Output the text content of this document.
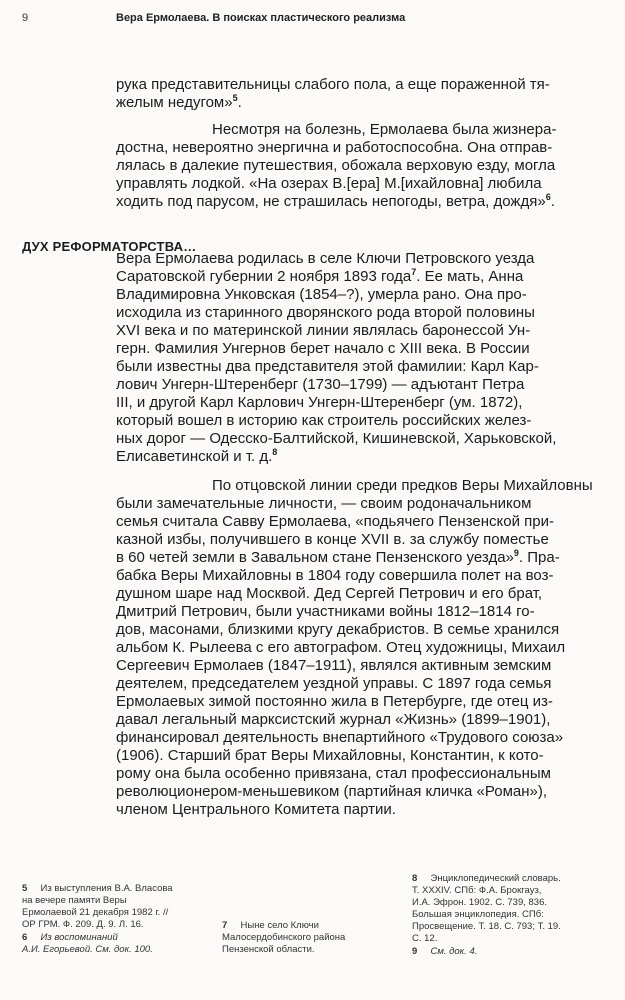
9	Вера Ермолаева. В поисках пластического реализма
рука представительницы слабого пола, а еще пораженной тя-
желым недугом»$^5$.
Несмотря на болезнь, Ермолаева была жизнера-
достна, невероятно энергична и работоспособна. Она отправ-
лялась в далекие путешествия, обожала верховую езду, могла
управлять лодкой. «На озерах В.[ера] М.[ихайловна] любила
ходить под парусом, не страшилась непогоды, ветра, дождя»$^6$.
ДУХ РЕФОРМАТОРСТВА…
Вера Ермолаева родилась в селе Ключи Петровского уезда
Саратовской губернии 2 ноября 1893 года$^7$. Ее мать, Анна
Владимировна Унковская (1854–?), умерла рано. Она про-
исходила из старинного дворянского рода второй половины
XVI века и по материнской линии являлась баронессой Ун-
герн. Фамилия Унгернов берет начало с XIII века. В России
были известны два представителя этой фамилии: Карл Кар-
лович Унгерн-Штеренберг (1730–1799) — адъютант Петра
III, и другой Карл Карлович Унгерн-Штеренберг (ум. 1872),
который вошел в историю как строитель российских желез-
ных дорог — Одесско-Балтийской, Кишиневской, Харьковской,
Елисаветинской и т. д.$^8$
По отцовской линии среди предков Веры Михайловны
были замечательные личности, — своим родоначальником
семья считала Савву Ермолаева, «подьячего Пензенской при-
казной избы, получившего в конце XVII в. за службу поместье
в 60 четей земли в Завальном стане Пензенского уезда»$^9$. Пра-
бабка Веры Михайловны в 1804 году совершила полет на воз-
душном шаре над Москвой. Дед Сергей Петрович и его брат,
Дмитрий Петрович, были участниками войны 1812–1814 го-
дов, масонами, близкими кругу декабристов. В семье хранился
альбом К. Рылеева с его автографом. Отец художницы, Михаил
Сергеевич Ермолаев (1847–1911), являлся активным земским
деятелем, председателем уездной управы. С 1897 года семья
Ермолаевых зимой постоянно жила в Петербурге, где отец из-
давал легальный марксистский журнал «Жизнь» (1899–1901),
финансировал деятельность внепартийного «Трудового союза»
(1906). Старший брат Веры Михайловны, Константин, к кото-
рому она была особенно привязана, стал профессиональным
революционером-меньшевиком (партийная кличка «Роман»),
членом Центрального Комитета партии.
5 Из выступления В.А. Власова
на вечере памяти Веры
Ермолаевой 21 декабря 1982 г. //
ОР ГРМ. Ф. 209. Д. 9. Л. 16.
6 Из воспоминаний
А.И. Егорьевой. См. док. 100.
7 Ныне село Ключи
Малосердобинского района
Пензенской области.
8 Энциклопедический словарь.
Т. XXXIV. СПб: Ф.А. Брокгауз,
И.А. Эфрон. 1902. С. 739, 836.
Большая энциклопедия. СПб:
Просвещение. Т. 18. С. 793; Т. 19.
С. 12.
9 См. док. 4.
